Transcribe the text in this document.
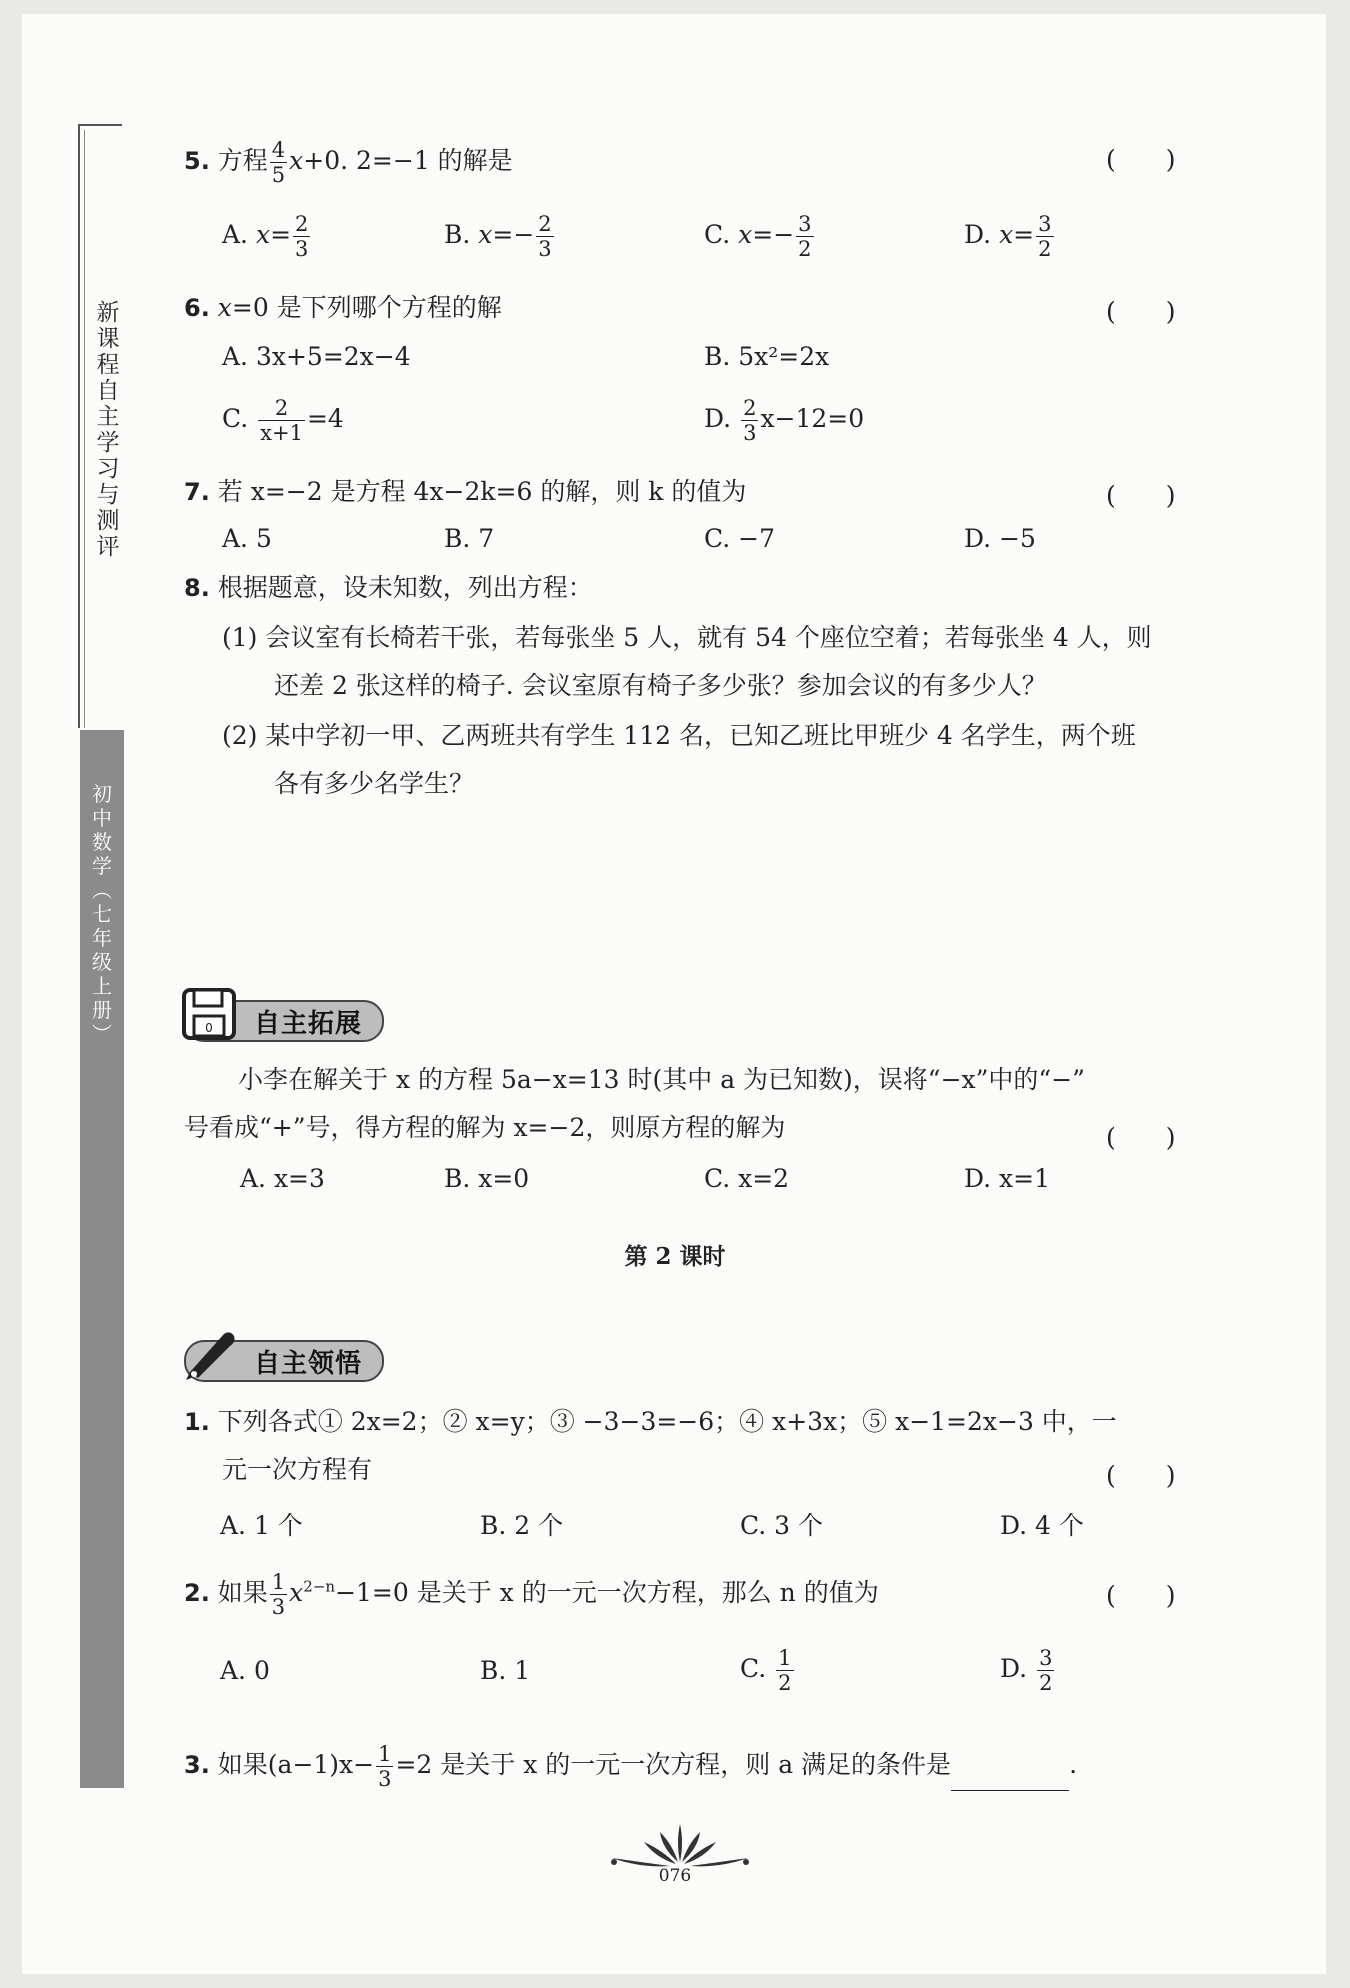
新
课
程
自
主
学
习
与
测
评
初
中
数
学
︵
七
年
级
上
册
︶
5. 方程 $\frac{4}{5} x+0$. 2=−1 的解是	(　　)
A. $x= \frac{2}{3}$	B. $x=- \frac{2}{3}$	C. $x=- \frac{3}{2}$	D. $x= \frac{3}{2}$
6. x=0 是下列哪个方程的解	(　　)
A. 3x+5=2x−4	B. 5x²=2x
C. $\frac{2}{x+1} =4$	D. $\frac{2}{3} x-12=0$
7. 若 x=−2 是方程 4x−2k=6 的解，则 k 的值为	(　　)
A. 5	B. 7	C. −7	D. −5
8. 根据题意，设未知数，列出方程：
(1) 会议室有长椅若干张，若每张坐 5 人，就有 54 个座位空着；若每张坐 4 人，则
还差 2 张这样的椅子. 会议室原有椅子多少张？参加会议的有多少人？
(2) 某中学初一甲、乙两班共有学生 112 名，已知乙班比甲班少 4 名学生，两个班
各有多少名学生？
0 自主拓展
小李在解关于 x 的方程 5a−x=13 时(其中 a 为已知数)，误将“−x”中的“−”
号看成“+”号，得方程的解为 x=−2，则原方程的解为	(　　)
A. x=3	B. x=0	C. x=2	D. x=1
第 2 课时
自主领悟
1. 下列各式① 2x=2；② x=y；③ −3−3=−6；④ x+3x；⑤ x−1=2x−3 中，一
元一次方程有	(　　)
A. 1 个	B. 2 个	C. 3 个	D. 4 个
2. 如果 $\frac{1}{3} x^{2-n}-1=0$ 是关于 x 的一元一次方程，那么 n 的值为	(　　)
A. 0	B. 1	C. $\frac{1}{2}$	D. $\frac{3}{2}$
3. 如果$(a-1)x- \frac{1}{3} =2$ 是关于 x 的一元一次方程，则 a 满足的条件是	.
076
